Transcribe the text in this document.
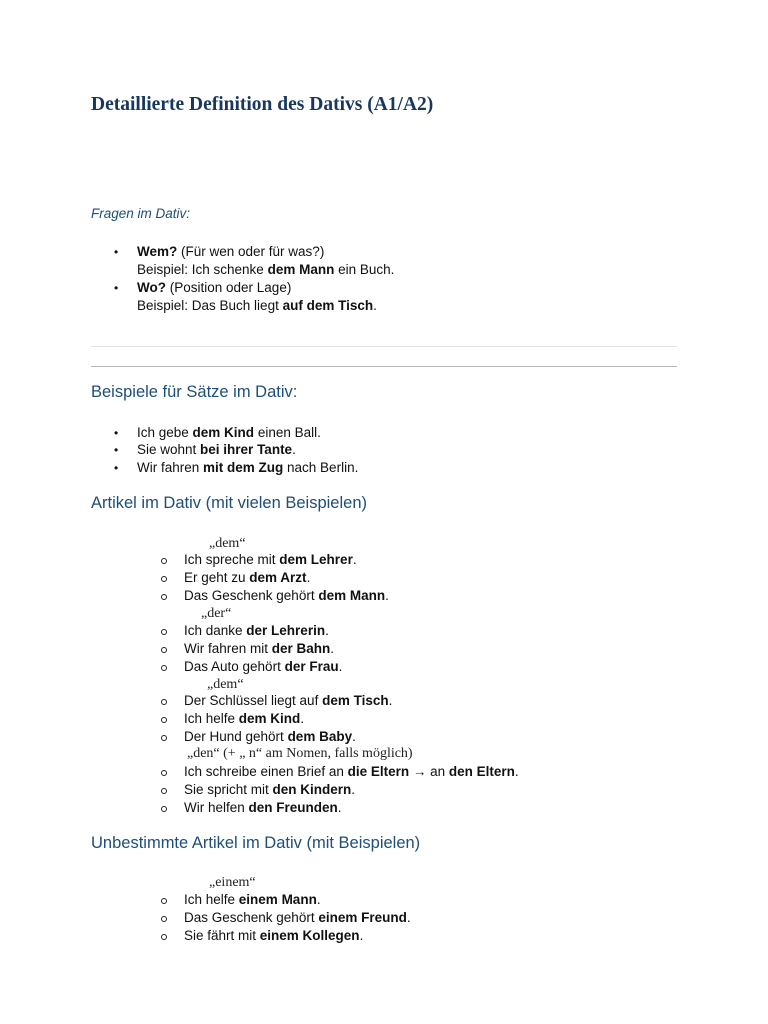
Detaillierte Definition des Dativs (A1/A2)

Fragen im Dativ:

• Wem? (Für wen oder für was?)

Beispiel: Ich schenke dem Mann ein Buch.

• Wo? (Position oder Lage)

Beispiel: Das Buch liegt auf dem Tisch.

Beispiele für Sätze im Dativ:
• Ich gebe dem Kind einen Ball.

• Sie wohnt bei ihrer Tante.

• Wir fahren mit dem Zug nach Berlin.

Artikel im Dativ (mit vielen Beispielen)

„dem“

Ich spreche mit dem Lehrer.

Er geht zu dem Arzt.

Das Geschenk gehört dem Mann.

„der“

Ich danke der Lehrerin.

Wir fahren mit der Bahn.

Das Auto gehört der Frau.

„dem“

Der Schlüssel liegt auf dem Tisch.

Ich helfe dem Kind.

Der Hund gehört dem Baby.

„den“ (+ „ n“ am Nomen, falls möglich)

Ich schreibe einen Brief an die Eltern → an den Eltern.

Sie spricht mit den Kindern.

Wir helfen den Freunden.

Unbestimmte Artikel im Dativ (mit Beispielen)

„einem“

Ich helfe einem Mann.

Das Geschenk gehört einem Freund.

Sie fährt mit einem Kollegen.
